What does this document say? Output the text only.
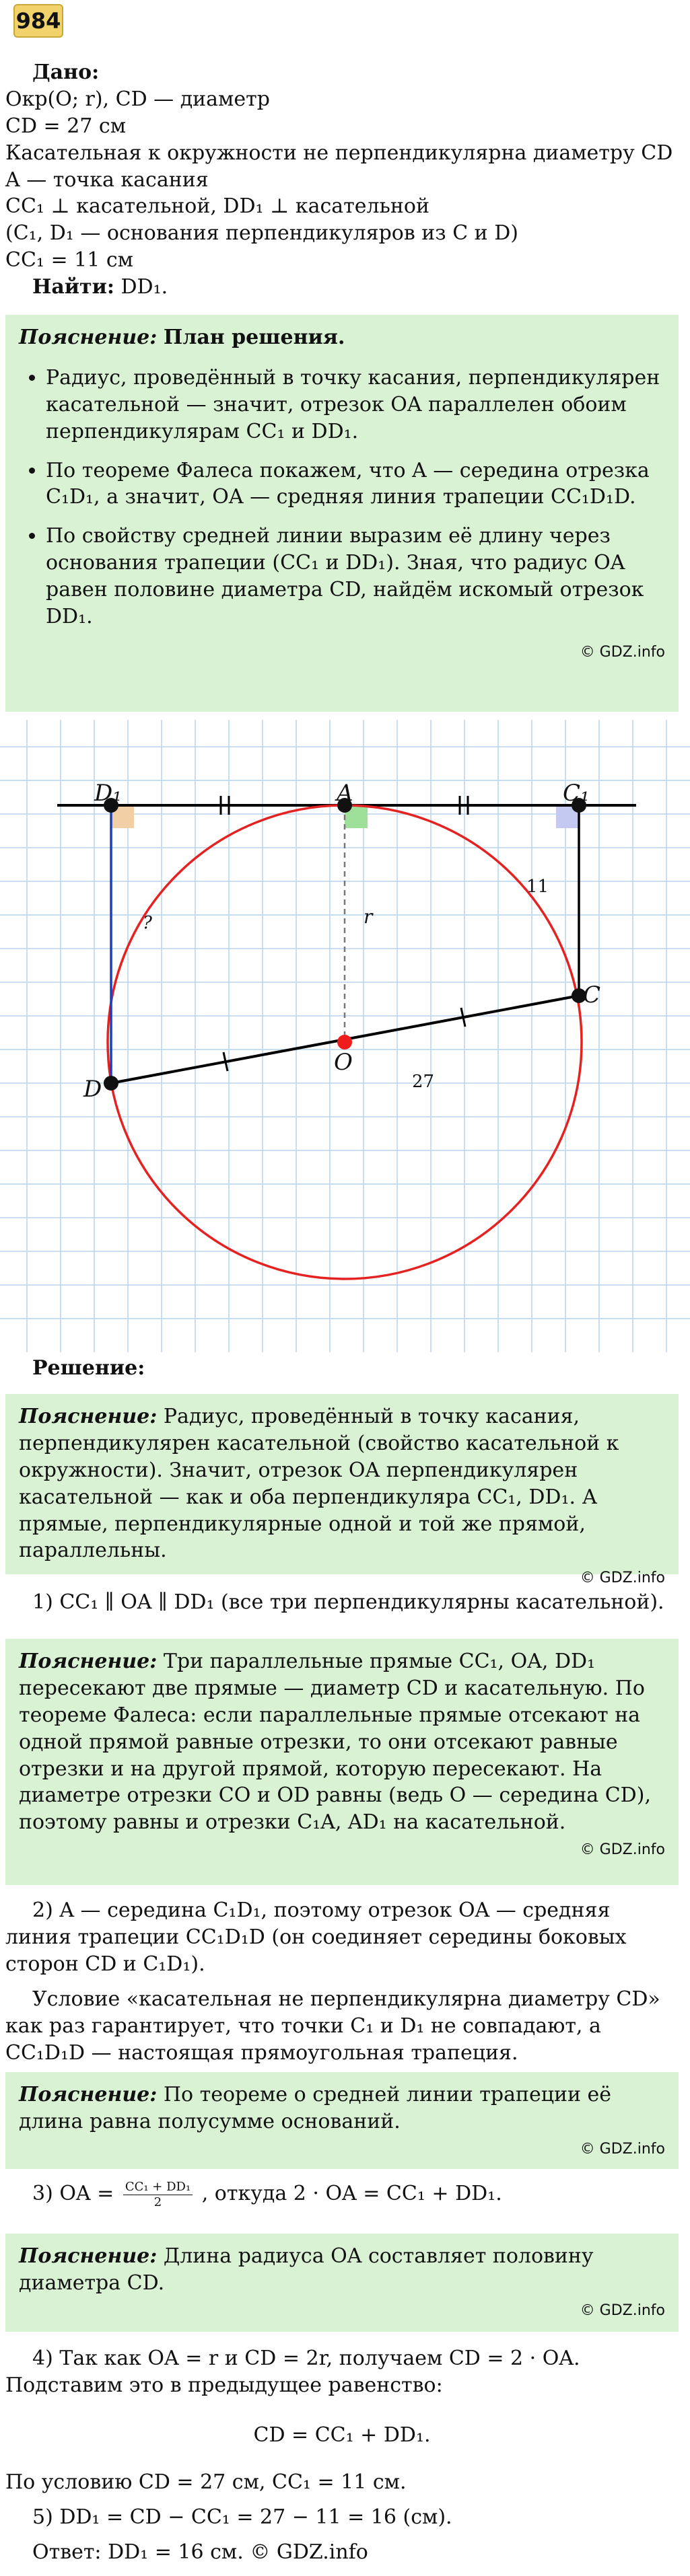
984
Дано:
Окр(O; r), CD — диаметр
CD = 27 см
Касательная к окружности не перпендикулярна диаметру CD
A — точка касания
CC₁ ⊥ касательной, DD₁ ⊥ касательной
(C₁, D₁ — основания перпендикуляров из C и D)
CC₁ = 11 см
Найти: DD₁.

Пояснение: План решения.

• Радиус, проведённый в точку касания, перпендикулярен касательной — значит, отрезок OA параллелен обоим перпендикулярам CC₁ и DD₁.
• По теореме Фалеса покажем, что A — середина отрезка C₁D₁, а значит, OA — средняя линия трапеции CC₁D₁D.
• По свойству средней линии выразим её длину через основания трапеции (CC₁ и DD₁). Зная, что радиус OA равен половине диаметра CD, найдём искомый отрезок DD₁.
© GDZ.info
D₁	A	C₁
C
D
O
r
?
11
27
Решение:

Пояснение: Радиус, проведённый в точку касания, перпендикулярен касательной (свойство касательной к окружности). Значит, отрезок OA перпендикулярен касательной — как и оба перпендикуляра CC₁, DD₁. А прямые, перпендикулярные одной и той же прямой, параллельны.

© GDZ.info
1) CC₁ ∥ OA ∥ DD₁ (все три перпендикулярны касательной).

Пояснение: Три параллельные прямые CC₁, OA, DD₁ пересекают две прямые — диаметр CD и касательную. По теореме Фалеса: если параллельные прямые отсекают на одной прямой равные отрезки, то они отсекают равные отрезки и на другой прямой, которую пересекают. На диаметре отрезки CO и OD равны (ведь O — середина CD), поэтому равны и отрезки C₁A, AD₁ на касательной.

© GDZ.info
2) A — середина C₁D₁, поэтому отрезок OA — средняя линия трапеции CC₁D₁D (он соединяет середины боковых сторон CD и C₁D₁).
Условие «касательная не перпендикулярна диаметру CD» как раз гарантирует, что точки C₁ и D₁ не совпадают, а CC₁D₁D — настоящая прямоугольная трапеция.

Пояснение: По теореме о средней линии трапеции её длина равна полусумме оснований.

© GDZ.info
3) OA = $\frac{\text{CC₁ + DD₁}}{2}$ , откуда 2 · OA = CC₁ + DD₁.

Пояснение: Длина радиуса OA составляет половину диаметра CD.

© GDZ.info
4) Так как OA = r и CD = 2r, получаем CD = 2 · OA. Подставим это в предыдущее равенство:
CD = CC₁ + DD₁.
По условию CD = 27 см, CC₁ = 11 см.
5) DD₁ = CD − CC₁ = 27 − 11 = 16 (см).
Ответ: DD₁ = 16 см. © GDZ.info
